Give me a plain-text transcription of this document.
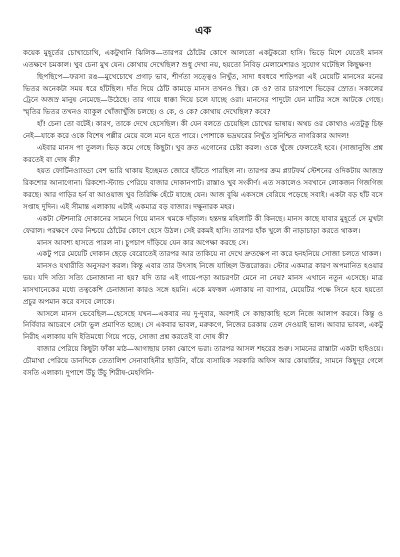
এক

কয়েক মুহূর্তের চোখাচোখি, একটুখানি ঝিলিক—তারপর ঠোঁটের কোণে আলতো একটুকরো হাসি। ভিড়ে মিশে যেতেই মানস এতক্ষণে চমকাল। খুব চেনা মুখ যেন। কোথায় দেখেছিল? শুধু দেখা নয়, হয়তো নিবিড় মেলামেশারও সুযোগ ঘটেছিল কিছুক্ষণ!

ছিপছিপে—ফরসা রঙ—মুখেচোখে প্রগাঢ় ভাব, শীর্ণতা সত্ত্বেও নিখুঁত, সাদা ধবধবে শাড়িপরা এই মেয়েটি মানসের মনের ভিতর অনেকটা সময় ধরে হাঁটছিল। দাঁত দিয়ে ঠোঁট কামড়ে মানস তখনও স্থির। কে ও? তার চারপাশে ভিড়ের স্রোত। সকালের ট্রেনে অজস্র মানুষ নেমেছে—উঠেছে। তার গায়ে ধাক্কা দিয়ে চলে যাচ্ছে ওরা। মানসের পাদুটো যেন মাটির সঙ্গে আটকে গেছে। স্মৃতির ভিতর তখনও ব্যাকুল খোঁজাখুঁজি চলছে। ও কে, ও কে? কোথায় দেখেছিল? কবে?

হাঁ! চেনা তো বটেই। কারণ, তাকে দেখে হেসেছিল। কী যেন বলতে চেয়েছিল চোখের ভাষায়। অথচ ওর কোথাও এতটুকু চিহ্ন নেই—যাকে করে ওকে বিশেষ পল্লীর মেয়ে বলে মনে হতে পারে। পোশাকে ভদ্রঘরের নিখুঁত সুনিশ্চিত নাগরিকার আদল!

এইবার মানস পা তুলল। ভিড় কমে গেছে কিছুটা। খুব ক্রত এগোনের চেষ্টা করল। ওকে খুঁজে ফেলতেই হবে। (সাজানুজি প্রশ্ন করতেই বা দোষ কী?

হয়ত ফোর্টিনও্যাড্ডা বেশ ভারি থাকায় ইচ্ছেমত জোরে হাঁটতে পারছিল না। তারপর ক্রম প্ল্যাটফর্ম স্টেশনের ওদিকটায় আজস্র রিকশোর আনাগোনা। রিকশো-স্ট্যান্ড পেরিয়ে বাজার দোকানপাট। রাস্তাও খুব সংকীর্ণ। এত সকালেও সবখানে লোকজন গিজগিজ করছে। আর গাড়ির হর্ন বা আওয়াজ খুব তিরিক্ষি হেঁটে যাচ্ছে যেন। আজ বুঝি একসঙ্গে বেরিয়ে পড়েছে সবাই। একটা বড় হাঁট বসে সপ্তাহ দুদিন। এই সীমান্ত এলাকায় এটাই একমাত্র বড় বাজার। দক্ষুনারক মহর।

একটা স্টেশনারি দোকানের সামনে গিয়ে মানস থমকে দাঁড়াল। হন্তদন্ত মহিলাটি কী কিনছে। মানস কাছে যাবার মুহূর্তে সে মুখটা ফেরাল। পরক্ষণে ফের নিশ্চয়ে ঠোঁটের কোণে হেসে উঠল। সেই রকমই হাসি। তারপর হাঁক খুলে কী নাড়াচাড়া করতে থাকল।

মানস আবশ্য হাসতে পারল না। চুপচাপ দাঁড়িয়ে যেন কার অপেক্ষা করছে সে।

একটু পরে মেয়েটি দোকান ছেড়ে বেরোতেই তারপর আর তাকিয়ে না দেখে দ্রুতক্ষেপ না করে হনহনিয়ে সোজা চলতে থাকল।

মানসও যথারীতি অনুসরণ করল। কিন্তু এবার তার উৎসাহ নিজে যাচ্ছিল উত্তরোত্তর। স্টোর একমাত্র কারণ অপমানিত হওয়ার ভয়। যদি সত্যি সত্যি চেনাজানা না হয়? যদি তার এই গায়ে-পড়া আচরণটা মেনে না নেয়? মানস এখানে নতুন এসেছে। মাত্র মাসখানেকের মধ্যে তত্বকেশি চেনাজানা কারও সঙ্গে হয়নি। একে মফস্বল এলাকায় না ব্যাপার, মেয়েটির পক্ষে সিনে হবে হয়তো প্রচুর অপমান করে বসবে লোকে।

আসলে মানস ভেবেছিল—হেসেছে যখন—একবার নয় দু-দুবার, অবশ্যই সে কাছাকাছি হলে নিজে আলাপ করবে। কিন্তু ও নির্বিবার আচরণে সেটা ভুল প্রমাণিত হচ্ছে। সে একবার ভাবল, মরুকগে, নিজের চরকায় তেল দেওয়াই ভাল। আবার ভাবল, একটু নিরীহ এলাকায় যদি ইতিমধ্যে গিয়ে পড়ে, সোজা প্রশ্ন করতেই বা দোষ কী?

বাজার পেরিয়ে কিছুটা ফাঁকা মাঠ—আগাছায় ঢাকা ঝোপে ভরা। তারপর আসল শহরের শুরু। সামনের রাস্তাটা একটা হাইওয়ে। চৌমাথা পেরিয়ে ডানদিকে তেতালিশ সেনাবাহিনীর ছাউনি, বাঁয়ে ব্যসায়িক সরকারি অফিস আর কোয়ার্টার, সামনে কিছুদূর গেলে বসতি এলাকা। দুপাশে উঁচু উঁচু শিরীষ-মেহগিনি-
